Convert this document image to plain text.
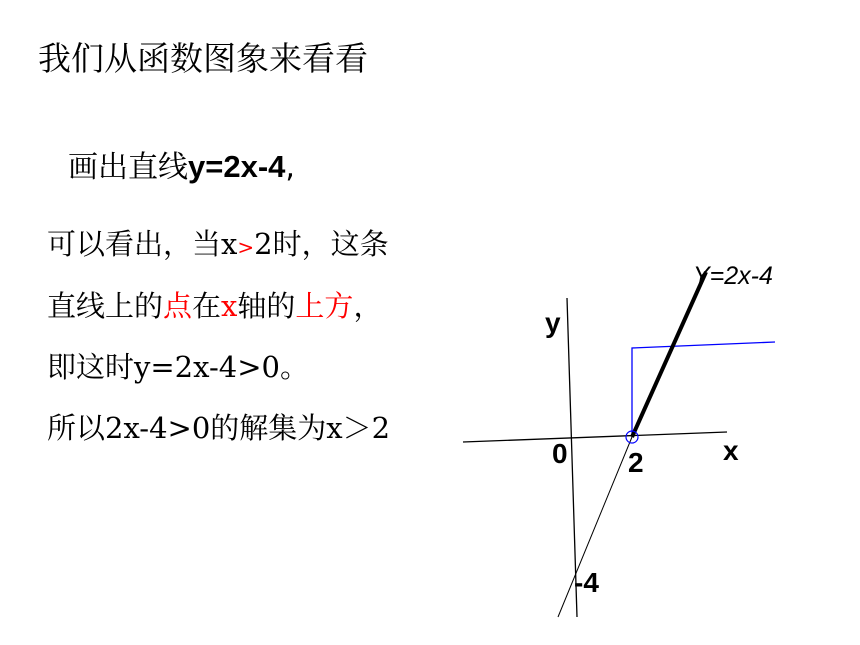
我们从函数图象来看看
画出直线y=2x-4,
可以看出，当x>2时，这条
直线上的点在x轴的上方，
即这时y=2x-4>0。
所以2x-4>0的解集为x＞2
Y=2x-4
y
x
0 2
-4
